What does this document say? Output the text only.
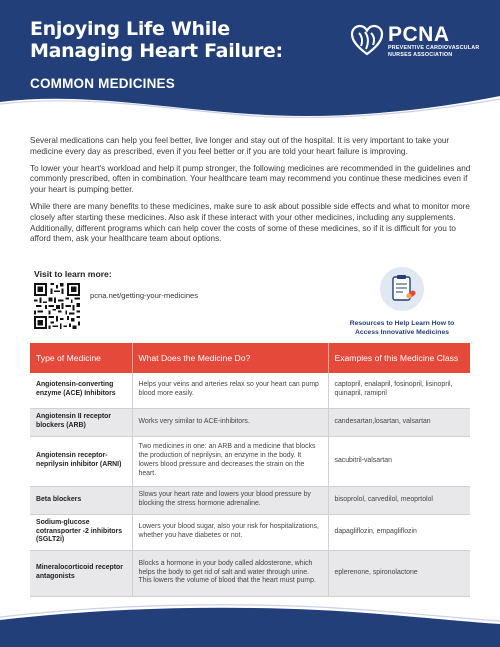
Enjoying Life While
Managing Heart Failure:
COMMON MEDICINES
PCNA
PREVENTIVE CARDIOVASCULAR
NURSES ASSOCIATION

Several medications can help you feel better, live longer and stay out of the hospital. It is very important to take your medicine every day as prescribed, even if you feel better or if you are told your heart failure is improving.

To lower your heart's workload and help it pump stronger, the following medicines are recommended in the guidelines and commonly prescribed, often in combination. Your healthcare team may recommend you continue these medicines even if your heart is pumping better.

While there are many benefits to these medicines, make sure to ask about possible side effects and what to monitor more closely after starting these medicines. Also ask if these interact with your other medicines, including any supplements. Additionally, different programs which can help cover the costs of some of these medicines, so if it is difficult for you to afford them, ask your healthcare team about options.

Visit to learn more:
pcna.net/getting-your-medicines
Resources to Help Learn How to
Access Innovative Medicines
Type of Medicine	What Does the Medicine Do?	Examples of this Medicine Class
Angiotensin-converting enzyme (ACE) Inhibitors	Helps your veins and arteries relax so your heart can pump blood more easily.	captopril, enalapril, fosinopril, lisinopril, quinapril, ramipril
Angiotensin II receptor blockers (ARB)	Works very similar to ACE-inhibitors.	candesartan,losartan, valsartan
Angiotensin receptor-neprilysin inhibitor (ARNI)	Two medicines in one: an ARB and a medicine that blocks the production of neprilysin, an enzyme in the body. It lowers blood pressure and decreases the strain on the heart.	sacubitril-valsartan
Beta blockers	Slows your heart rate and lowers your blood pressure by blocking the stress hormone adrenaline.	bisoprolol, carvedilol, meoprtolol
Sodium-glucose cotransporter -2 inhibitors (SGLT2i)	Lowers your blood sugar, also your risk for hospitalizations, whether you have diabetes or not.	dapagliflozin, empagliflozin
Mineralocorticoid receptor antagonists	Blocks a hormone in your body called aldosterone, which helps the body to get rid of salt and water through urine. This lowers the volume of blood that the heart must pump.	eplerenone, spironolactone
